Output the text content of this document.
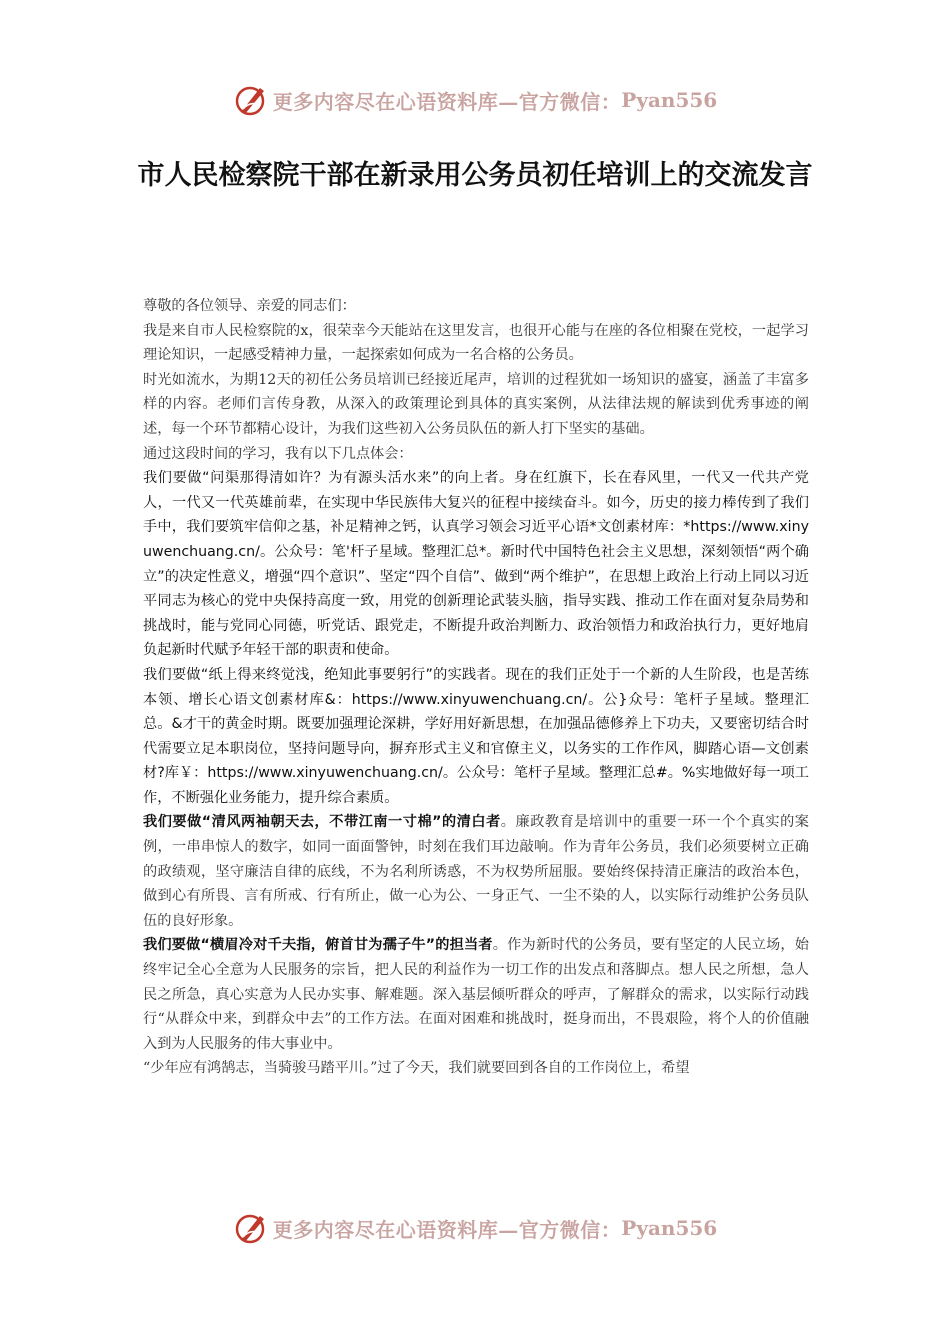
更多内容尽在心语资料库—官方微信： Pyan556
市人民检察院干部在新录用公务员初任培训上的交流发言

尊敬的各位领导、亲爱的同志们：

我是来自市人民检察院的x，很荣幸今天能站在这里发言，也很开心能与在座的各位相聚在党校，一起学习理论知识，一起感受精神力量，一起探索如何成为一名合格的公务员。

时光如流水，为期12天的初任公务员培训已经接近尾声，培训的过程犹如一场知识的盛宴，涵盖了丰富多样的内容。老师们言传身教，从深入的政策理论到具体的真实案例，从法律法规的解读到优秀事迹的阐述，每一个环节都精心设计，为我们这些初入公务员队伍的新人打下坚实的基础。

通过这段时间的学习，我有以下几点体会：

我们要做“问渠那得清如许？为有源头活水来”的向上者。身在红旗下，长在春风里，一代又一代共产党人，一代又一代英雄前辈，在实现中华民族伟大复兴的征程中接续奋斗。如今，历史的接力棒传到了我们手中，我们要筑牢信仰之基，补足精神之钙，认真学习领会习近平心语*文创素材库：*https://www.xinyuwenchuang.cn/。公众号：笔'杆子星域。整理汇总*。新时代中国特色社会主义思想，深刻领悟“两个确立”的决定性意义，增强“四个意识”、坚定“四个自信”、做到“两个维护”，在思想上政治上行动上同以习近平同志为核心的党中央保持高度一致，用党的创新理论武装头脑，指导实践、推动工作在面对复杂局势和挑战时，能与党同心同德，听党话、跟党走，不断提升政治判断力、政治领悟力和政治执行力，更好地肩负起新时代赋予年轻干部的职责和使命。

我们要做“纸上得来终觉浅，绝知此事要躬行”的实践者。现在的我们正处于一个新的人生阶段，也是苦练本领、增长心语文创素材库&：https://www.xinyuwenchuang.cn/。公}众号：笔杆子星域。整理汇总。&才干的黄金时期。既要加强理论深耕，学好用好新思想，在加强品德修养上下功夫，又要密切结合时代需要立足本职岗位，坚持问题导向，摒弃形式主义和官僚主义，以务实的工作作风，脚踏心语—文创素材?库￥：https://www.xinyuwenchuang.cn/。公众号：笔杆子星域。整理汇总#。%实地做好每一项工作，不断强化业务能力，提升综合素质。

我们要做“清风两袖朝天去，不带江南一寸棉”的清白者。廉政教育是培训中的重要一环一个个真实的案例，一串串惊人的数字，如同一面面警钟，时刻在我们耳边敲响。作为青年公务员，我们必须要树立正确的政绩观，坚守廉洁自律的底线，不为名利所诱惑，不为权势所屈服。要始终保持清正廉洁的政治本色，做到心有所畏、言有所戒、行有所止，做一心为公、一身正气、一尘不染的人，以实际行动维护公务员队伍的良好形象。

我们要做“横眉冷对千夫指，俯首甘为孺子牛”的担当者。作为新时代的公务员，要有坚定的人民立场，始终牢记全心全意为人民服务的宗旨，把人民的利益作为一切工作的出发点和落脚点。想人民之所想，急人民之所急，真心实意为人民办实事、解难题。深入基层倾听群众的呼声，了解群众的需求，以实际行动践行“从群众中来，到群众中去”的工作方法。在面对困难和挑战时，挺身而出，不畏艰险，将个人的价值融入到为人民服务的伟大事业中。

“少年应有鸿鹄志，当骑骏马踏平川。”过了今天，我们就要回到各自的工作岗位上，希望

更多内容尽在心语资料库—官方微信： Pyan556
